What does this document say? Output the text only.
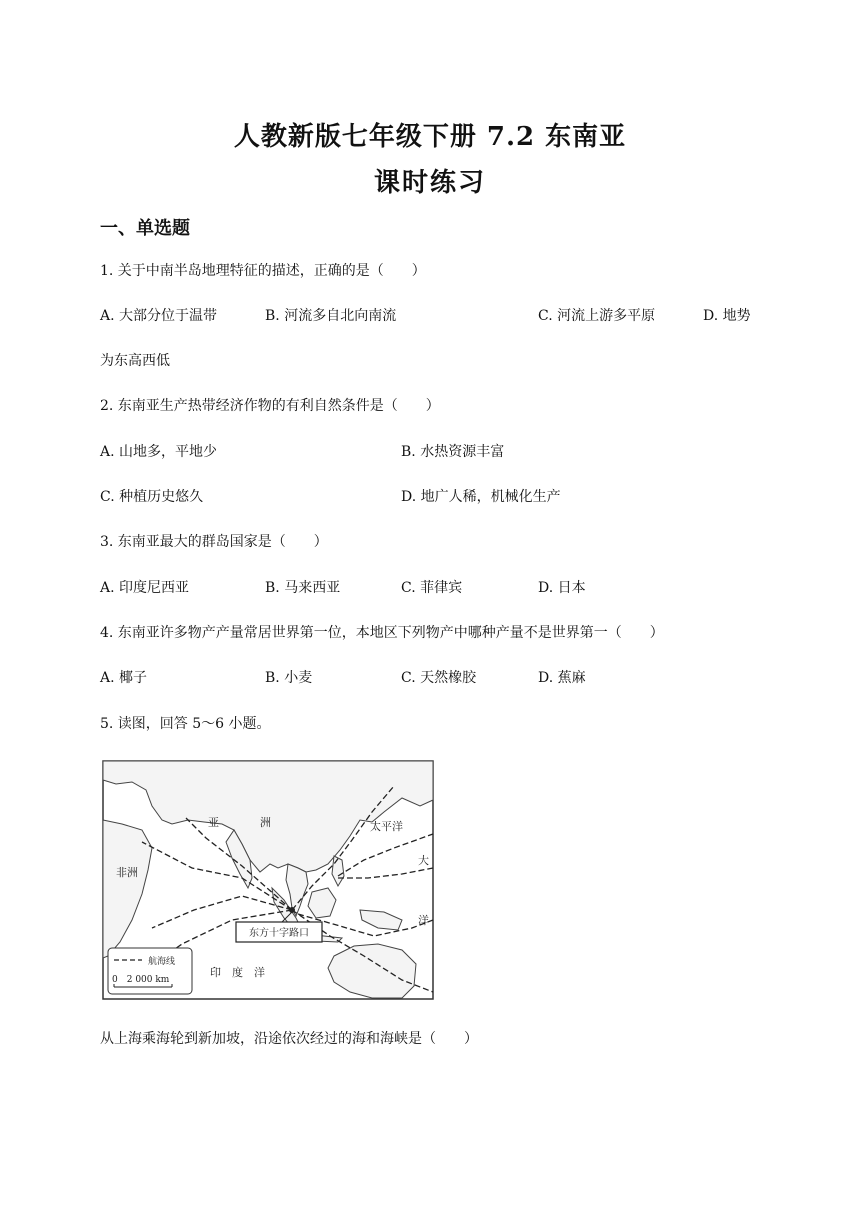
人教新版七年级下册 7.2 东南亚
课时练习
一、单选题
1. 关于中南半岛地理特征的描述，正确的是（　　）
A. 大部分位于温带	B. 河流多自北向南流	C. 河流上游多平原	D. 地势
为东高西低
2. 东南亚生产热带经济作物的有利自然条件是（　　）
A. 山地多，平地少	B. 水热资源丰富
C. 种植历史悠久	D. 地广人稀，机械化生产
3. 东南亚最大的群岛国家是（　　）
A. 印度尼西亚	B. 马来西亚	C. 菲律宾	D. 日本
4. 东南亚许多物产产量常居世界第一位，本地区下列物产中哪种产量不是世界第一（　　）
A. 椰子	B. 小麦	C. 天然橡胶	D. 蕉麻
5. 读图，回答 5～6 小题。
亚	洲	太平洋
大
洋
非洲
印　度　洋
东方十字路口
航海线
0　2 000 km
从上海乘海轮到新加坡，沿途依次经过的海和海峡是（　　）
